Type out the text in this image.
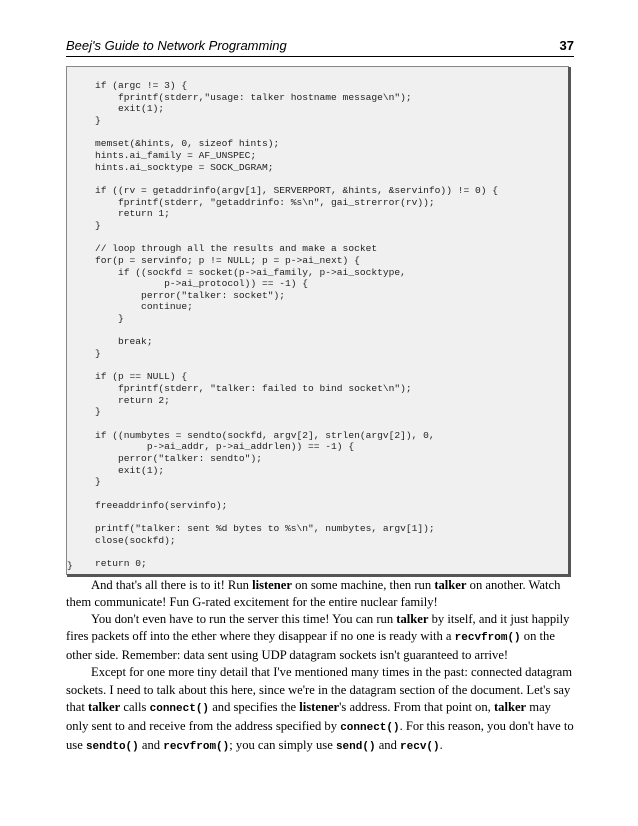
Beej's Guide to Network Programming	37
if (argc != 3) {
fprintf(stderr,"usage: talker hostname message\n");
exit(1);
}

memset(&hints, 0, sizeof hints);
hints.ai_family = AF_UNSPEC;
hints.ai_socktype = SOCK_DGRAM;

if ((rv = getaddrinfo(argv[1], SERVERPORT, &hints, &servinfo)) != 0) {
fprintf(stderr, "getaddrinfo: %s\n", gai_strerror(rv));
return 1;
}

// loop through all the results and make a socket
for(p = servinfo; p != NULL; p = p->ai_next) {
if ((sockfd = socket(p->ai_family, p->ai_socktype,
p->ai_protocol)) == -1) {
perror("talker: socket");
continue;
}

break;
}

if (p == NULL) {
fprintf(stderr, "talker: failed to bind socket\n");
return 2;
}

if ((numbytes = sendto(sockfd, argv[2], strlen(argv[2]), 0,
p->ai_addr, p->ai_addrlen)) == -1) {
perror("talker: sendto");
exit(1);
}

freeaddrinfo(servinfo);

printf("talker: sent %d bytes to %s\n", numbytes, argv[1]);
close(sockfd);

return 0;

}

And that's all there is to it! Run listener on some machine, then run talker on another. Watch them communicate! Fun G-rated excitement for the entire nuclear family!

You don't even have to run the server this time! You can run talker by itself, and it just happily fires packets off into the ether where they disappear if no one is ready with a recvfrom() on the other side. Remember: data sent using UDP datagram sockets isn't guaranteed to arrive!

Except for one more tiny detail that I've mentioned many times in the past: connected datagram sockets. I need to talk about this here, since we're in the datagram section of the document. Let's say that talker calls connect() and specifies the listener's address. From that point on, talker may only sent to and receive from the address specified by connect(). For this reason, you don't have to use sendto() and recvfrom(); you can simply use send() and recv().
